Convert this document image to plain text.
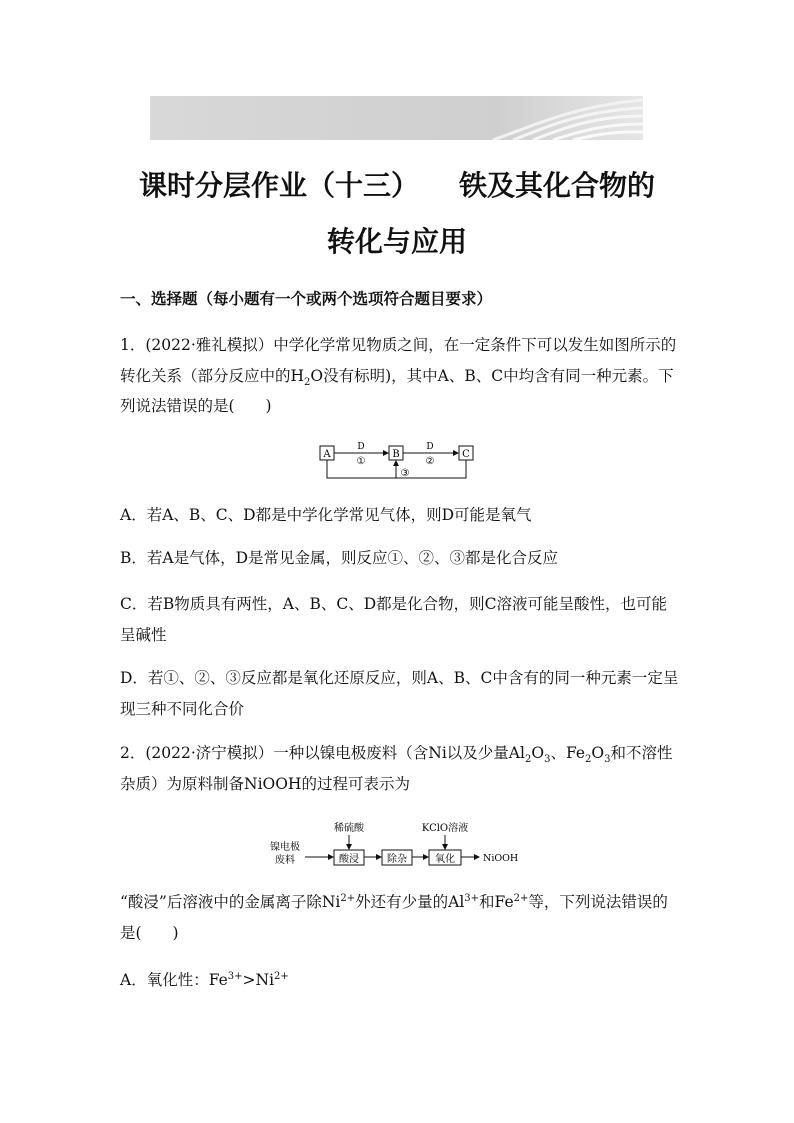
课时分层作业（十三） 铁及其化合物的
转化与应用
一、选择题（每小题有一个或两个选项符合题目要求）
1．(2022·雅礼模拟）中学化学常见物质之间，在一定条件下可以发生如图所示的转化关系（部分反应中的$H_2O$没有标明)，其中A、B、C中均含有同一种元素。下列说法错误的是(　　)
A	B	C
D
①
D
②
③
A．若A、B、C、D都是中学化学常见气体，则D可能是氧气
B．若A是气体，D是常见金属，则反应①、②、③都是化合反应
C．若B物质具有两性，A、B、C、D都是化合物，则C溶液可能呈酸性，也可能呈碱性
D．若①、②、③反应都是氧化还原反应，则A、B、C中含有的同一种元素一定呈现三种不同化合价
2．(2022·济宁模拟）一种以镍电极废料（含Ni以及少量$Al_2O_3$、$Fe_2O_3$和不溶性杂质）为原料制备NiOOH的过程可表示为
镍电极
废料
稀硫酸
酸浸	除杂
KClO溶液
氧化	NiOOH
“酸浸”后溶液中的金属离子除$Ni^{2+}$外还有少量的$Al^{3+}$和$Fe^{2+}$等，下列说法错误的是(　　)
A．氧化性：$Fe^{3+}>Ni^{2+}$
